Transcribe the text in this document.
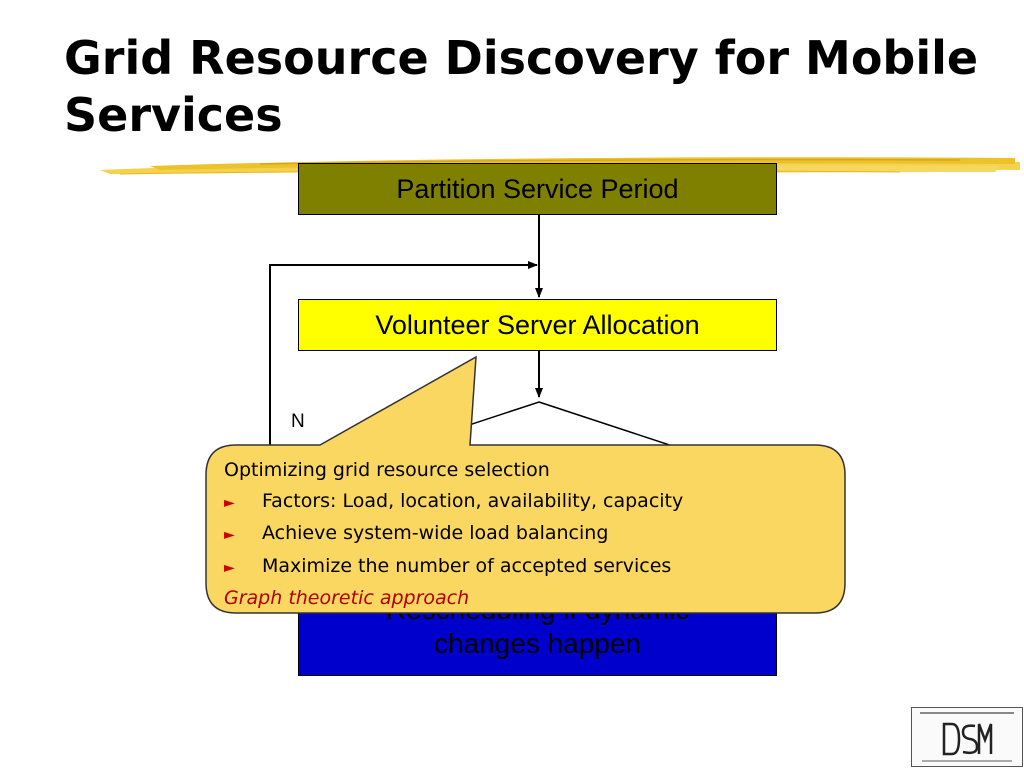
Grid Resource Discovery for Mobile Services
Partition Service Period
Volunteer Server Allocation
changes happen
N
Optimizing grid resource selection
►	Factors: Load, location, availability, capacity
►	Achieve system-wide load balancing
►	Maximize the number of accepted services
Graph theoretic approach
